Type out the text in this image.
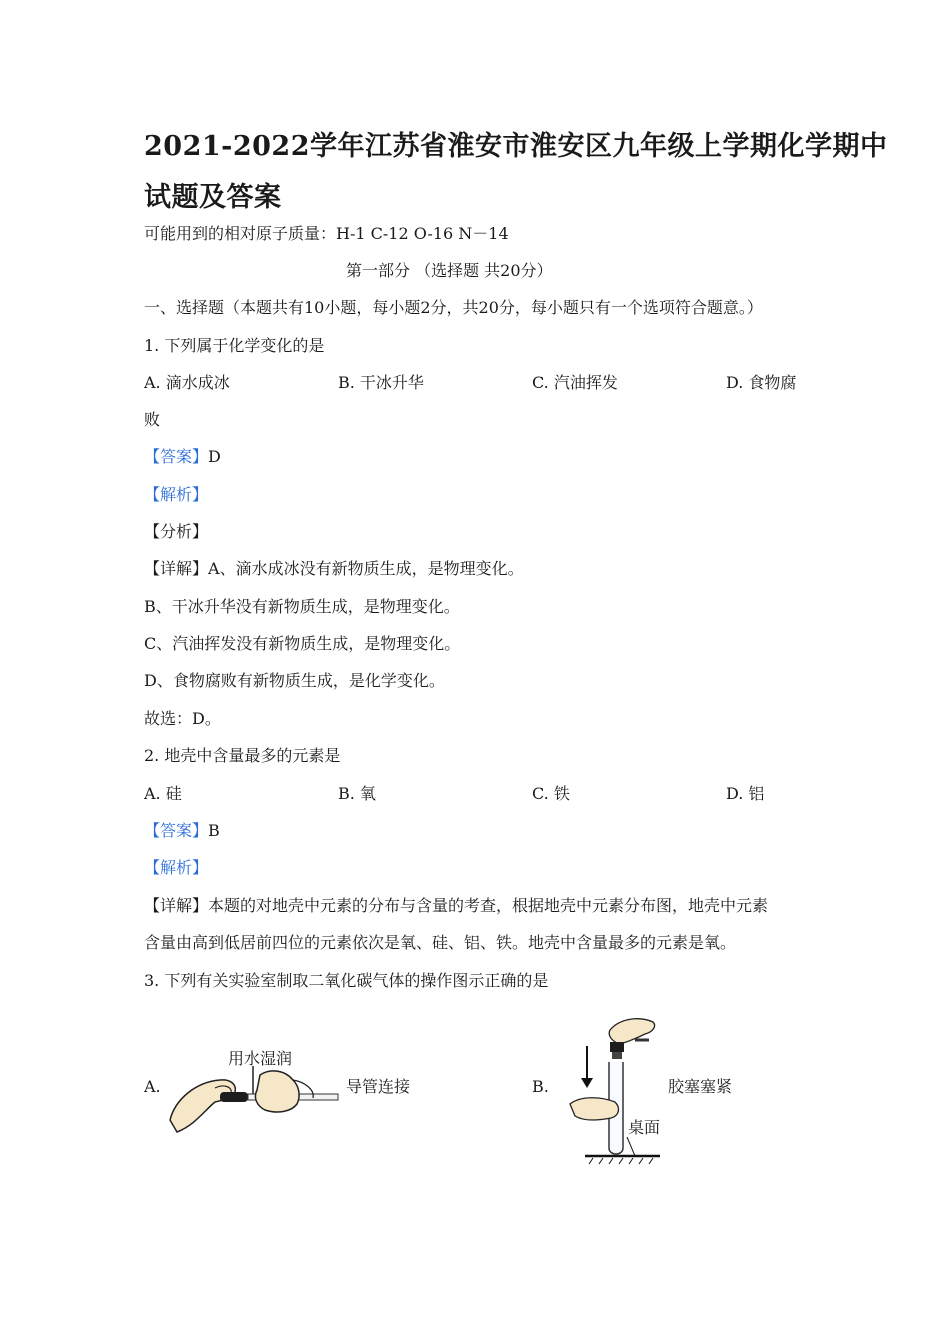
2021-2022学年江苏省淮安市淮安区九年级上学期化学期中
试题及答案
可能用到的相对原子质量：H-1 C-12 O-16 N－14
第一部分 （选择题 共20分）
一、选择题（本题共有10小题，每小题2分，共20分，每小题只有一个选项符合题意。）
1. 下列属于化学变化的是
A. 滴水成冰	B. 干冰升华	C. 汽油挥发	D. 食物腐
败
【答案】D
【解析】
【分析】
【详解】A、滴水成冰没有新物质生成，是物理变化。
B、干冰升华没有新物质生成，是物理变化。
C、汽油挥发没有新物质生成，是物理变化。
D、食物腐败有新物质生成，是化学变化。
故选：D。
2. 地壳中含量最多的元素是
A. 硅	B. 氧	C. 铁	D. 铝
【答案】B
【解析】
【详解】本题的对地壳中元素的分布与含量的考查，根据地壳中元素分布图，地壳中元素
含量由高到低居前四位的元素依次是氧、硅、铝、铁。地壳中含量最多的元素是氧。
3. 下列有关实验室制取二氧化碳气体的操作图示正确的是
A.
用水湿润
导管连接	B.
桌面
胶塞塞紧
